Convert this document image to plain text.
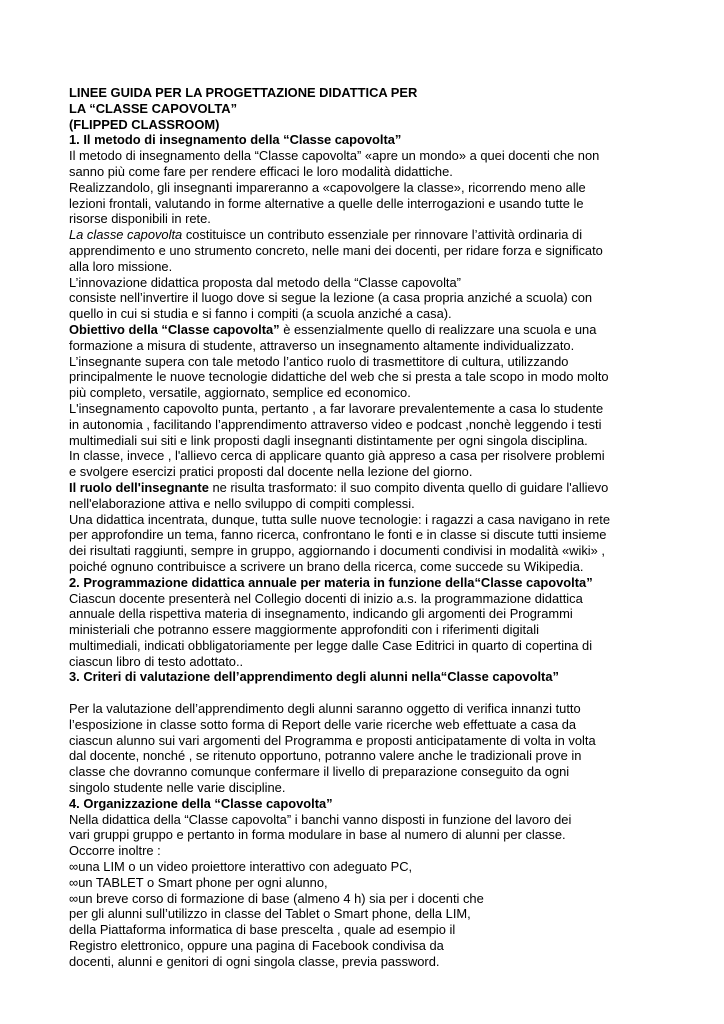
LINEE GUIDA PER LA PROGETTAZIONE DIDATTICA PER
LA “CLASSE CAPOVOLTA”
(FLIPPED CLASSROOM)
1. Il metodo di insegnamento della “Classe capovolta”
Il metodo di insegnamento della “Classe capovolta” «apre un mondo» a quei docenti che non
sanno più come fare per rendere efficaci le loro modalità didattiche.
Realizzandolo, gli insegnanti impareranno a «capovolgere la classe», ricorrendo meno alle
lezioni frontali, valutando in forme alternative a quelle delle interrogazioni e usando tutte le
risorse disponibili in rete.
La classe capovolta costituisce un contributo essenziale per rinnovare l’attività ordinaria di
apprendimento e uno strumento concreto, nelle mani dei docenti, per ridare forza e significato
alla loro missione.
L’innovazione didattica proposta dal metodo della “Classe capovolta”
consiste nell’invertire il luogo dove si segue la lezione (a casa propria anziché a scuola) con
quello in cui si studia e si fanno i compiti (a scuola anziché a casa).
Obiettivo della “Classe capovolta” è essenzialmente quello di realizzare una scuola e una
formazione a misura di studente, attraverso un insegnamento altamente individualizzato.
L’insegnante supera con tale metodo l’antico ruolo di trasmettitore di cultura, utilizzando
principalmente le nuove tecnologie didattiche del web che si presta a tale scopo in modo molto
più completo, versatile, aggiornato, semplice ed economico.
L'insegnamento capovolto punta, pertanto , a far lavorare prevalentemente a casa lo studente
in autonomia , facilitando l’apprendimento attraverso video e podcast ,nonchè leggendo i testi
multimediali sui siti e link proposti dagli insegnanti distintamente per ogni singola disciplina.
In classe, invece , l'allievo cerca di applicare quanto già appreso a casa per risolvere problemi
e svolgere esercizi pratici proposti dal docente nella lezione del giorno.
Il ruolo dell'insegnante ne risulta trasformato: il suo compito diventa quello di guidare l'allievo
nell'elaborazione attiva e nello sviluppo di compiti complessi.
Una didattica incentrata, dunque, tutta sulle nuove tecnologie: i ragazzi a casa navigano in rete
per approfondire un tema, fanno ricerca, confrontano le fonti e in classe si discute tutti insieme
dei risultati raggiunti, sempre in gruppo, aggiornando i documenti condivisi in modalità «wiki» ,
poiché ognuno contribuisce a scrivere un brano della ricerca, come succede su Wikipedia.
2. Programmazione didattica annuale per materia in funzione della“Classe capovolta”
Ciascun docente presenterà nel Collegio docenti di inizio a.s. la programmazione didattica
annuale della rispettiva materia di insegnamento, indicando gli argomenti dei Programmi
ministeriali che potranno essere maggiormente approfonditi con i riferimenti digitali
multimediali, indicati obbligatoriamente per legge dalle Case Editrici in quarto di copertina di
ciascun libro di testo adottato..
3. Criteri di valutazione dell’apprendimento degli alunni nella“Classe capovolta”
Per la valutazione dell’apprendimento degli alunni saranno oggetto di verifica innanzi tutto
l’esposizione in classe sotto forma di Report delle varie ricerche web effettuate a casa da
ciascun alunno sui vari argomenti del Programma e proposti anticipatamente di volta in volta
dal docente, nonché , se ritenuto opportuno, potranno valere anche le tradizionali prove in
classe che dovranno comunque confermare il livello di preparazione conseguito da ogni
singolo studente nelle varie discipline.
4. Organizzazione della “Classe capovolta”
Nella didattica della “Classe capovolta” i banchi vanno disposti in funzione del lavoro dei
vari gruppi gruppo e pertanto in forma modulare in base al numero di alunni per classe.
Occorre inoltre :
∞una LIM o un video proiettore interattivo con adeguato PC,
∞un TABLET o Smart phone per ogni alunno,
∞un breve corso di formazione di base (almeno 4 h) sia per i docenti che
per gli alunni sull’utilizzo in classe del Tablet o Smart phone, della LIM,
della Piattaforma informatica di base prescelta , quale ad esempio il
Registro elettronico, oppure una pagina di Facebook condivisa da
docenti, alunni e genitori di ogni singola classe, previa password.
